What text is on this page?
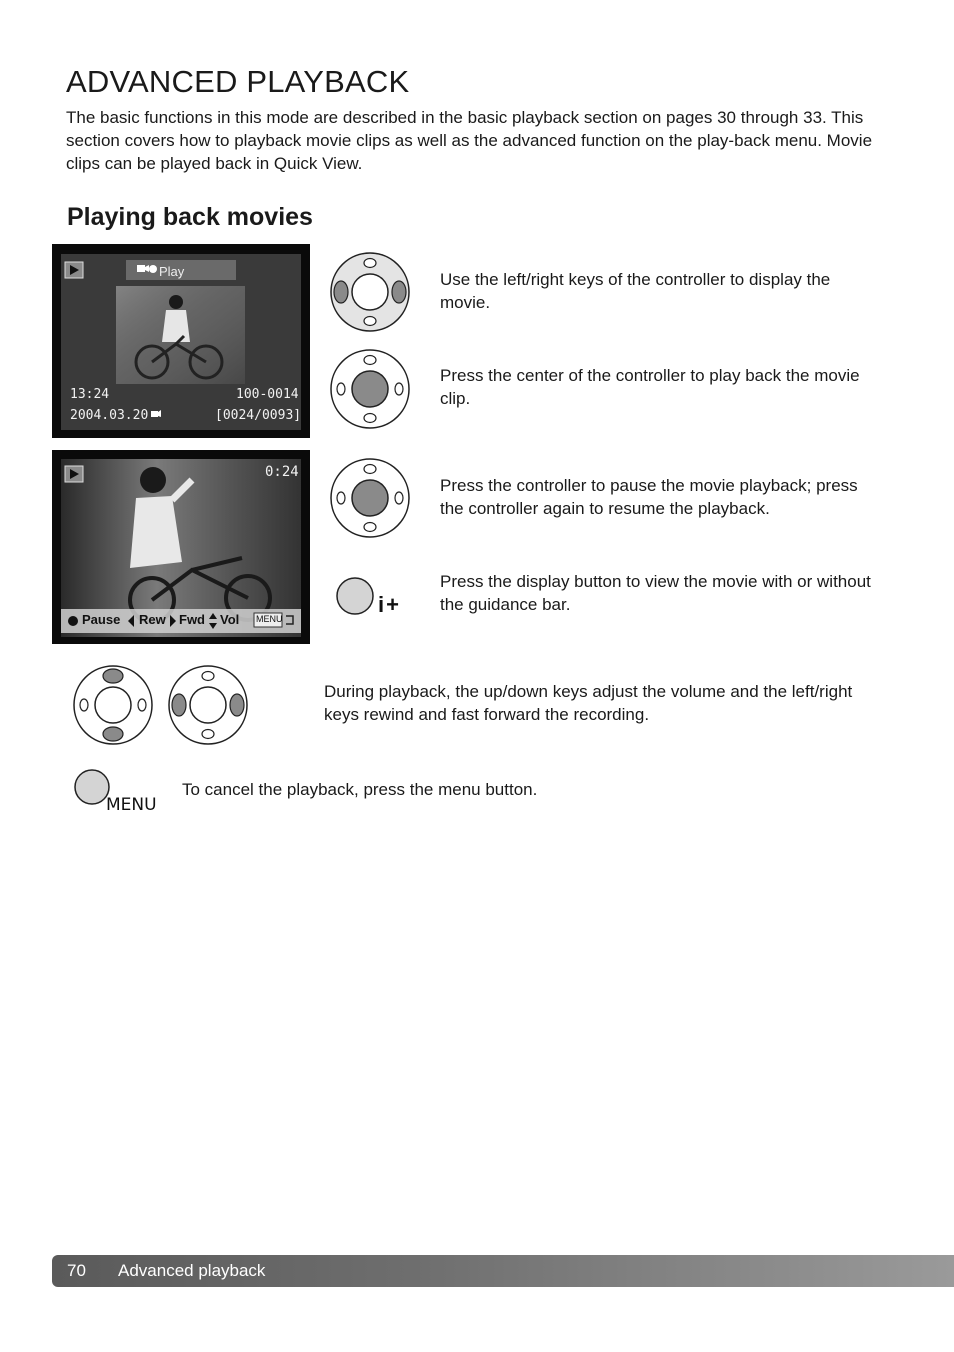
ADVANCED PLAYBACK
The basic functions in this mode are described in the basic playback section on pages 30 through 33. This section covers how to playback movie clips as well as the advanced function on the play-back menu. Movie clips can be played back in Quick View.
Playing back movies
Play
13:24	100-0014
2004.03.20	[0024/0093]
0:24
Pause Rew Fwd Vol MENU
i+
MENU
Use the left/right keys of the controller to display the movie.
Press the center of the controller to play back the movie clip.
Press the controller to pause the movie playback; press the controller again to resume the playback.
Press the display button to view the movie with or without the guidance bar.
During playback, the up/down keys adjust the volume and the left/right keys rewind and fast forward the recording.
To cancel the playback, press the menu button.
70 Advanced playback
